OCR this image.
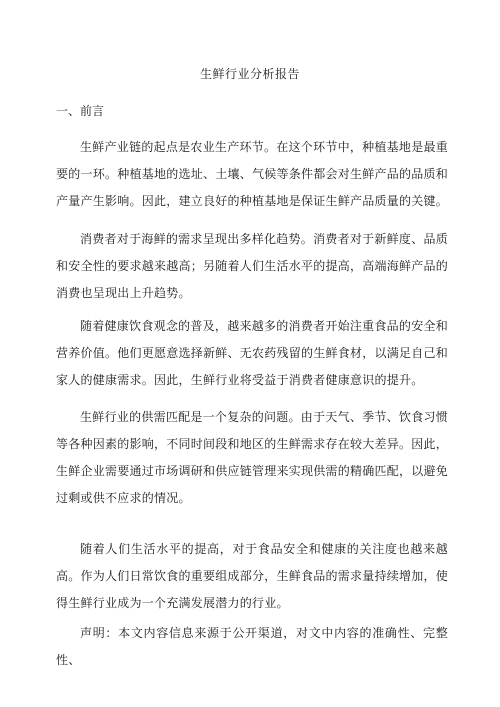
生鲜行业分析报告
一、前言

生鲜产业链的起点是农业生产环节。在这个环节中，种植基地是最重要的一环。种植基地的选址、土壤、气候等条件都会对生鲜产品的品质和产量产生影响。因此，建立良好的种植基地是保证生鲜产品质量的关键。

消费者对于海鲜的需求呈现出多样化趋势。消费者对于新鲜度、品质和安全性的要求越来越高；另随着人们生活水平的提高，高端海鲜产品的消费也呈现出上升趋势。

随着健康饮食观念的普及，越来越多的消费者开始注重食品的安全和营养价值。他们更愿意选择新鲜、无农药残留的生鲜食材，以满足自己和家人的健康需求。因此，生鲜行业将受益于消费者健康意识的提升。

生鲜行业的供需匹配是一个复杂的问题。由于天气、季节、饮食习惯等各种因素的影响，不同时间段和地区的生鲜需求存在较大差异。因此，生鲜企业需要通过市场调研和供应链管理来实现供需的精确匹配，以避免过剩或供不应求的情况。

随着人们生活水平的提高，对于食品安全和健康的关注度也越来越高。作为人们日常饮食的重要组成部分，生鲜食品的需求量持续增加，使得生鲜行业成为一个充满发展潜力的行业。

声明：本文内容信息来源于公开渠道，对文中内容的准确性、完整性、
